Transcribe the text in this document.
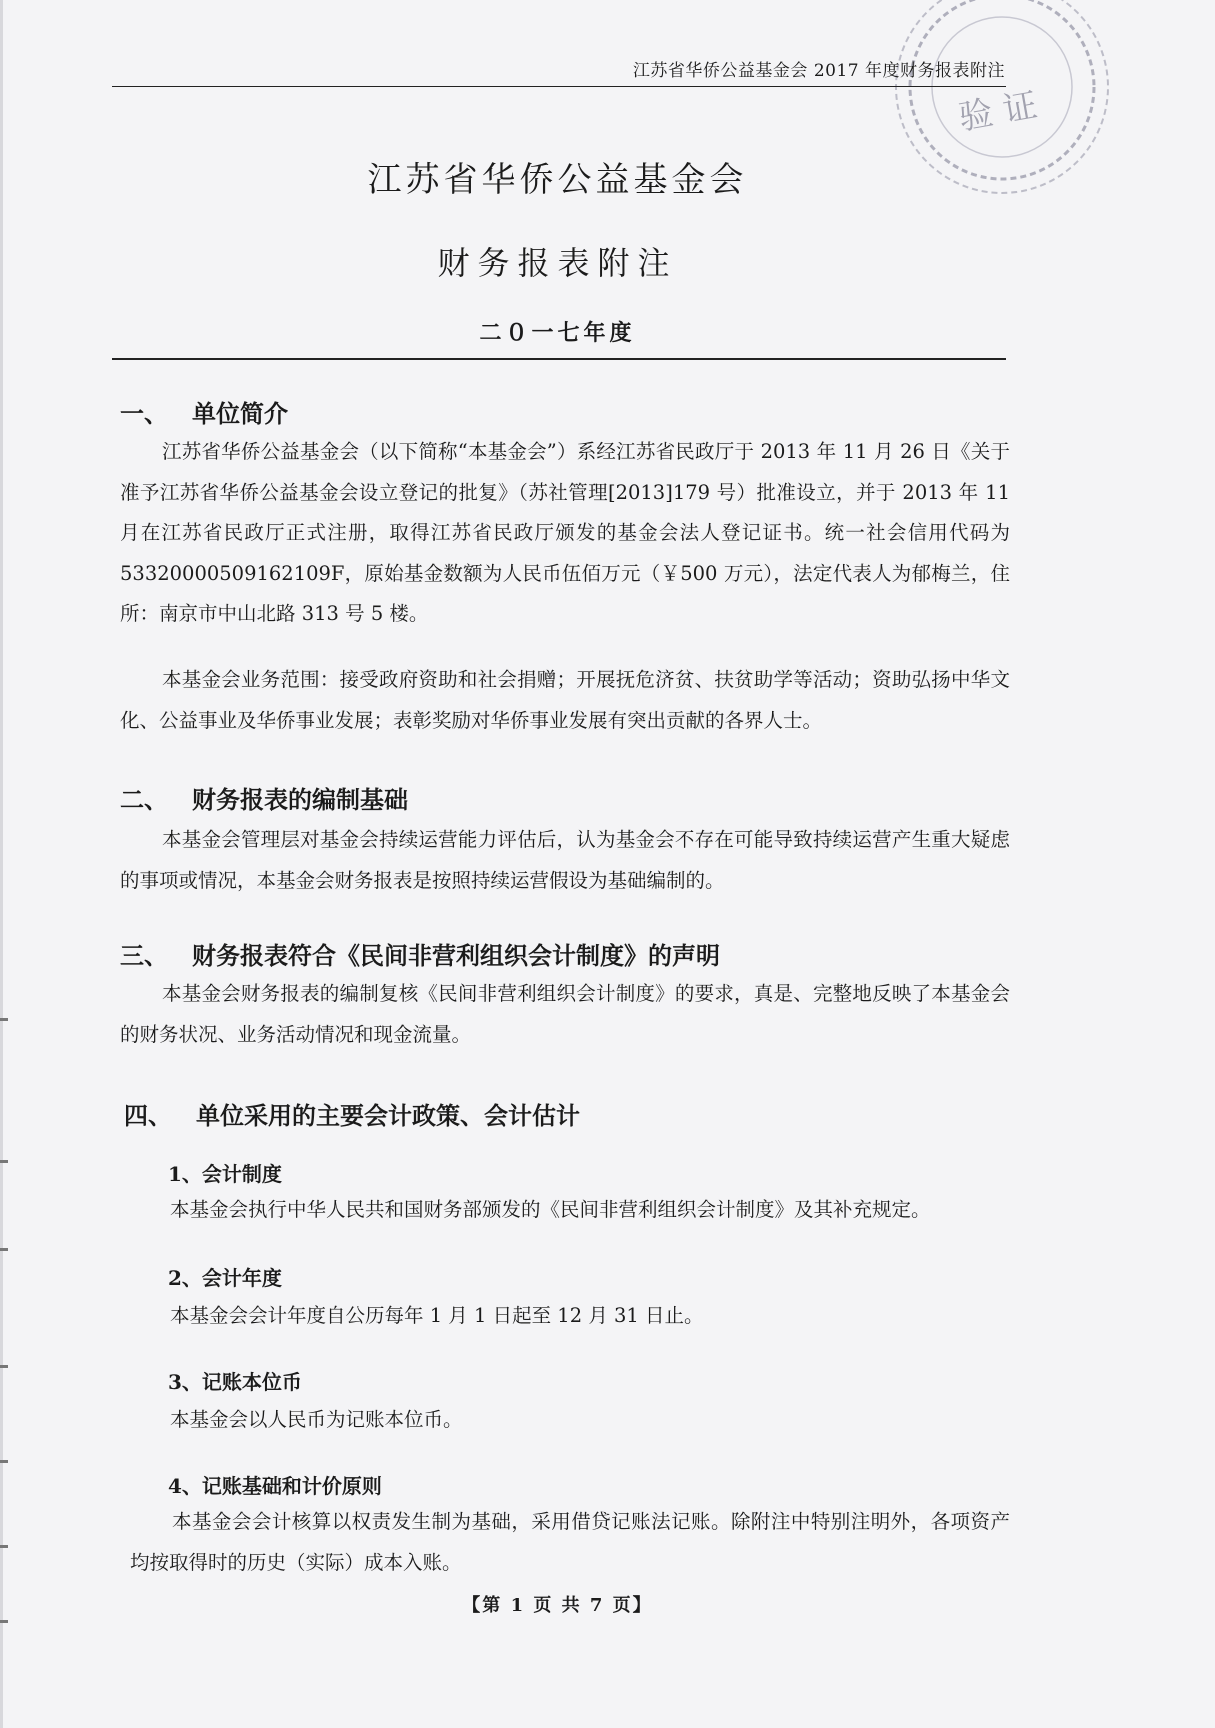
验 证
江苏省华侨公益基金会 2017 年度财务报表附注
江苏省华侨公益基金会
财务报表附注
二０一七年度
一、	单位简介

江苏省华侨公益基金会（以下简称“本基金会”）系经江苏省民政厅于 2013 年 11 月 26 日《关于准予江苏省华侨公益基金会设立登记的批复》（苏社管理[2013]179 号）批准设立，并于 2013 年 11 月在江苏省民政厅正式注册，取得江苏省民政厅颁发的基金会法人登记证书。统一社会信用代码为 53320000509162109F，原始基金数额为人民币伍佰万元（￥500 万元），法定代表人为郁梅兰，住所：南京市中山北路 313 号 5 楼。

本基金会业务范围：接受政府资助和社会捐赠；开展抚危济贫、扶贫助学等活动；资助弘扬中华文化、公益事业及华侨事业发展；表彰奖励对华侨事业发展有突出贡献的各界人士。

二、	财务报表的编制基础

本基金会管理层对基金会持续运营能力评估后，认为基金会不存在可能导致持续运营产生重大疑虑的事项或情况，本基金会财务报表是按照持续运营假设为基础编制的。

三、	财务报表符合《民间非营利组织会计制度》的声明

本基金会财务报表的编制复核《民间非营利组织会计制度》的要求，真是、完整地反映了本基金会的财务状况、业务活动情况和现金流量。

四、	单位采用的主要会计政策、会计估计
1、会计制度

本基金会执行中华人民共和国财务部颁发的《民间非营利组织会计制度》及其补充规定。

2、会计年度

本基金会会计年度自公历每年 1 月 1 日起至 12 月 31 日止。

3、记账本位币

本基金会以人民币为记账本位币。

4、记账基础和计价原则

本基金会会计核算以权责发生制为基础，采用借贷记账法记账。除附注中特别注明外，各项资产均按取得时的历史（实际）成本入账。

【第 1 页 共 7 页】
